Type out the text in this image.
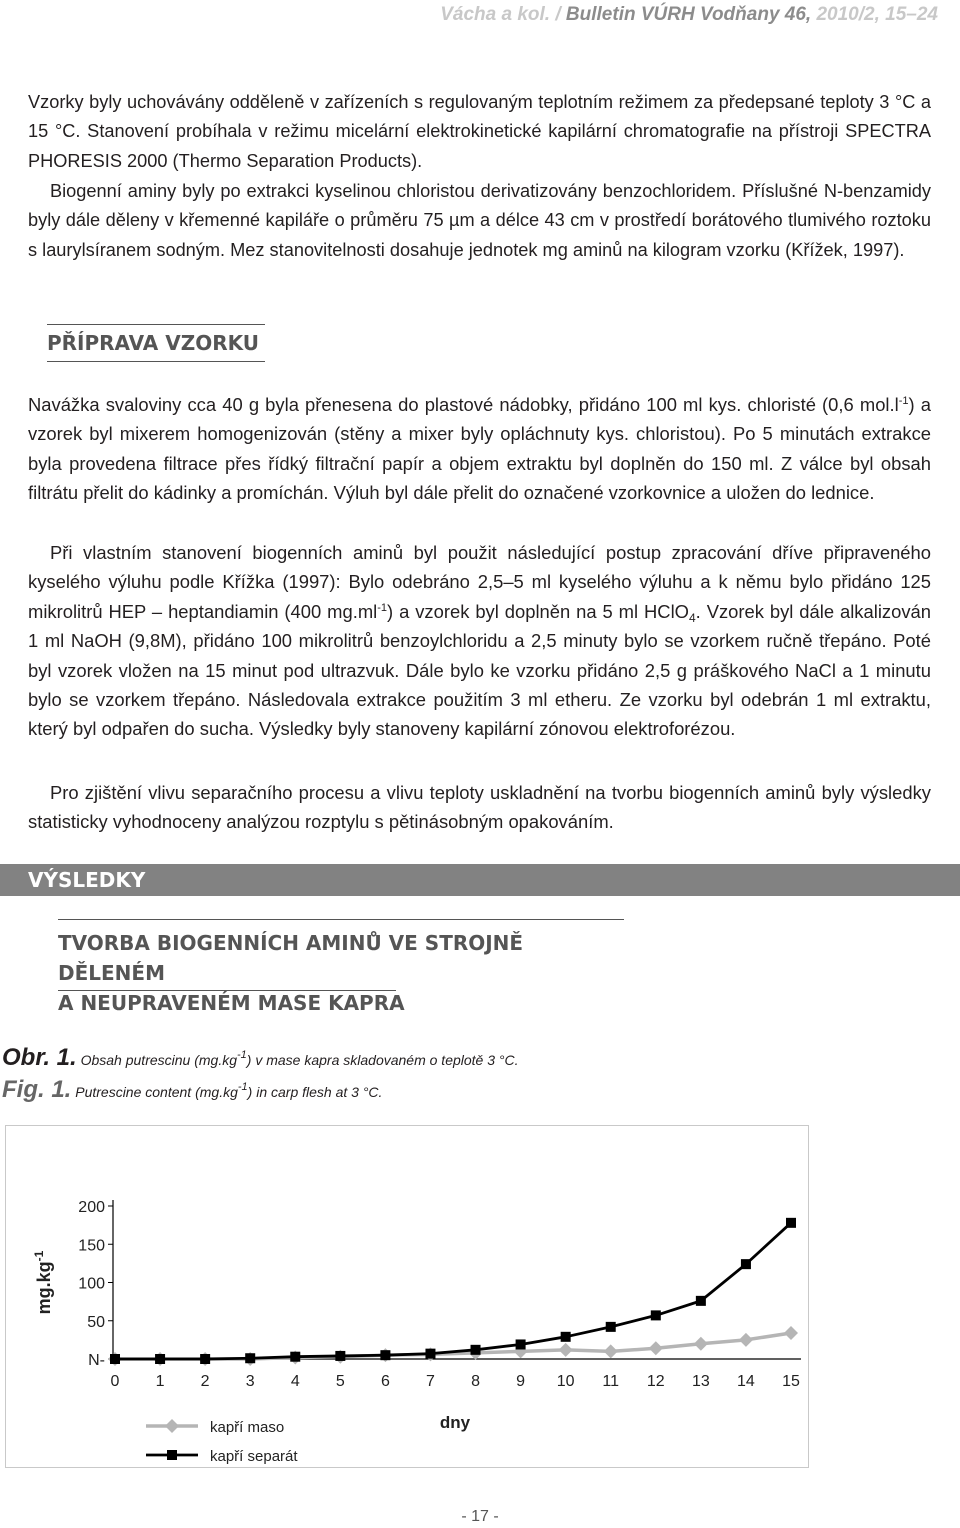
Vácha a kol. / Bulletin VÚRH Vodňany 46, 2010/2, 15–24

Vzorky byly uchovávány odděleně v zařízeních s regulovaným teplotním režimem za předepsané teploty 3 °C a 15 °C. Stanovení probíhala v režimu micelární elektrokinetické kapilární chromatografie na přístroji SPECTRA PHORESIS 2000 (Thermo Separation Products).

Biogenní aminy byly po extrakci kyselinou chloristou derivatizovány benzochloridem. Příslušné N-benzamidy byly dále děleny v křemenné kapiláře o průměru 75 µm a délce 43 cm v prostředí borátového tlumivého roztoku s laurylsíranem sodným. Mez stanovitelnosti dosahuje jednotek mg aminů na kilogram vzorku (Křížek, 1997).

PŘÍPRAVA VZORKU

Navážka svaloviny cca 40 g byla přenesena do plastové nádobky, přidáno 100 ml kys. chloristé (0,6 $mol.l^{-1}$) a vzorek byl mixerem homogenizován (stěny a mixer byly opláchnuty kys. chloristou). Po 5 minutách extrakce byla provedena filtrace přes řídký filtrační papír a objem extraktu byl doplněn do 150 ml. Z válce byl obsah filtrátu přelit do kádinky a promíchán. Výluh byl dále přelit do označené vzorkovnice a uložen do lednice.

Při vlastním stanovení biogenních aminů byl použit následující postup zpracování dříve připraveného kyselého výluhu podle Křížka (1997): Bylo odebráno 2,5–5 ml kyselého výluhu a k němu bylo přidáno 125 mikrolitrů HEP – heptandiamin (400 $mg.ml^{-1}$) a vzorek byl doplněn na 5 ml HClO$_4$. Vzorek byl dále alkalizován 1 ml NaOH (9,8M), přidáno 100 mikrolitrů benzoylchloridu a 2,5 minuty bylo se vzorkem ručně třepáno. Poté byl vzorek vložen na 15 minut pod ultrazvuk. Dále bylo ke vzorku přidáno 2,5 g práškového NaCl a 1 minutu bylo se vzorkem třepáno. Následovala extrakce použitím 3 ml etheru. Ze vzorku byl odebrán 1 ml extraktu, který byl odpařen do sucha. Výsledky byly stanoveny kapilární zónovou elektroforézou.

Pro zjištění vlivu separačního procesu a vlivu teploty uskladnění na tvorbu biogenních aminů byly výsledky statisticky vyhodnoceny analýzou rozptylu s pětinásobným opakováním.

VÝSLEDKY
TVORBA BIOGENNÍCH AMINŮ VE STROJNĚ DĚLENÉM
A NEUPRAVENÉM MASE KAPRA
Obr. 1. Obsah putrescinu $(mg.kg^{-1})$ v mase kapra skladovaném o teplotě 3 °C.
Fig. 1. Putrescine content $(mg.kg^{-1})$ in carp flesh at 3 °C.
N-
50
100
150
200
0 1 2 3 4 5 6 7 8 9 10 11 12 13 14 15
$mg.kg^{-1}$
dny
kapří maso
kapří separát
- 17 -
